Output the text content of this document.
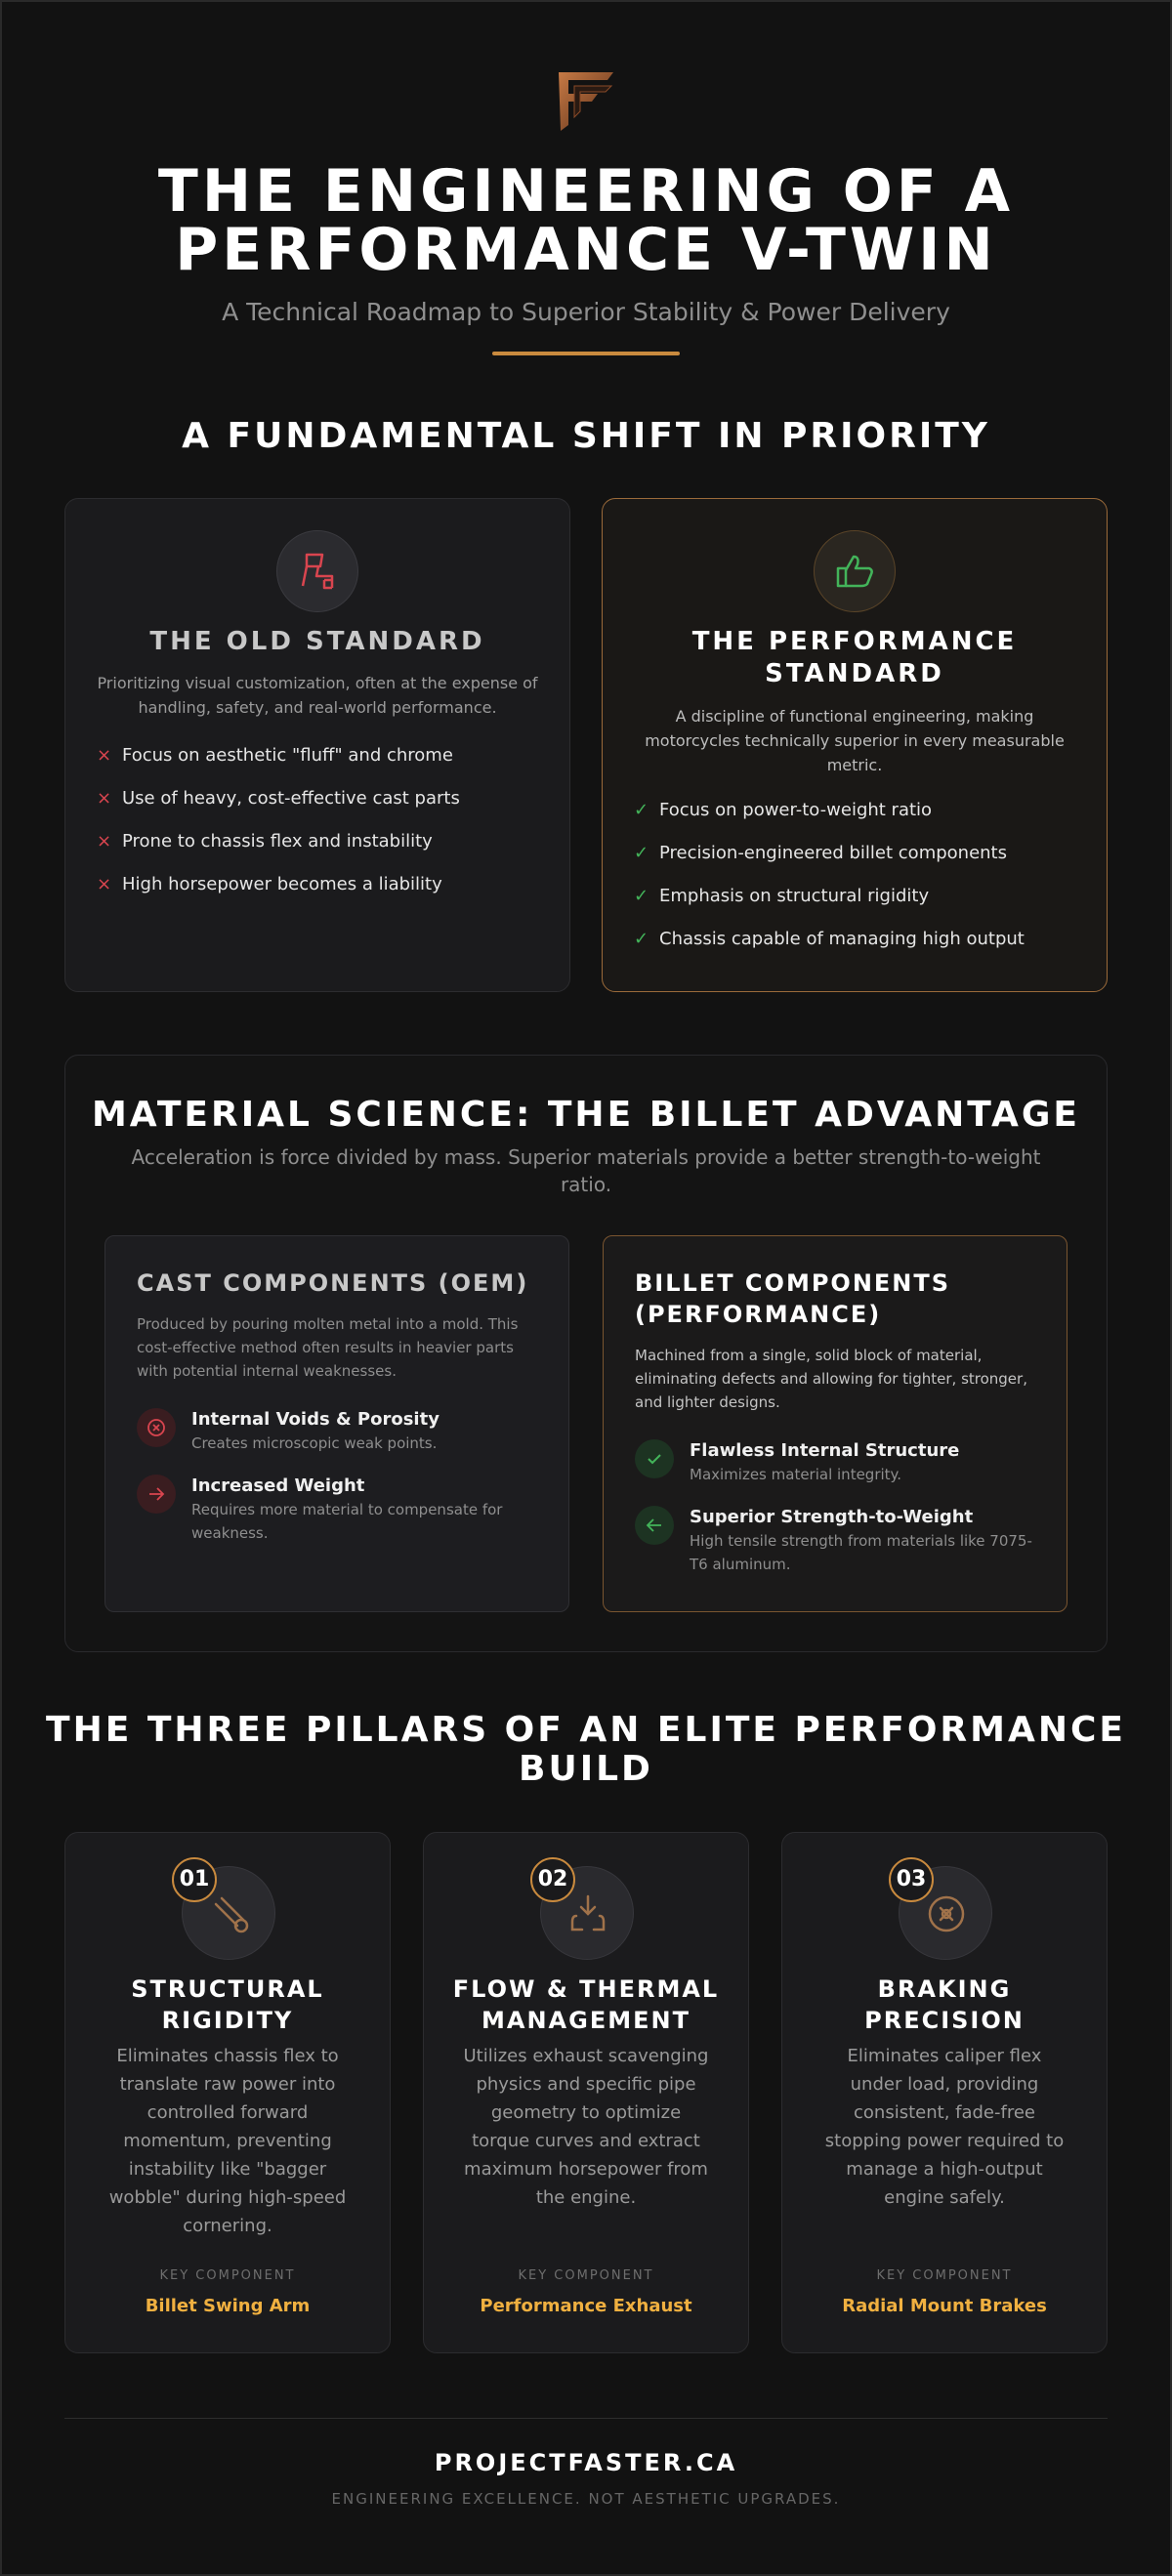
THE ENGINEERING OF A
PERFORMANCE V-TWIN
A Technical Roadmap to Superior Stability & Power Delivery
A FUNDAMENTAL SHIFT IN PRIORITY
THE OLD STANDARD
Prioritizing visual customization, often at the expense of handling, safety, and real-world performance.
× Focus on aesthetic "fluff" and chrome
× Use of heavy, cost-effective cast parts
× Prone to chassis flex and instability
× High horsepower becomes a liability
THE PERFORMANCE
STANDARD
A discipline of functional engineering, making motorcycles technically superior in every measurable metric.
✓ Focus on power-to-weight ratio
✓ Precision-engineered billet components
✓ Emphasis on structural rigidity
✓ Chassis capable of managing high output
MATERIAL SCIENCE: THE BILLET ADVANTAGE
Acceleration is force divided by mass. Superior materials provide a better strength-to-weight ratio.
CAST COMPONENTS (OEM)
Produced by pouring molten metal into a mold. This cost-effective method often results in heavier parts with potential internal weaknesses.
Internal Voids & Porosity
Creates microscopic weak points.
Increased Weight
Requires more material to compensate for weakness.
BILLET COMPONENTS
(PERFORMANCE)
Machined from a single, solid block of material, eliminating defects and allowing for tighter, stronger, and lighter designs.
Flawless Internal Structure
Maximizes material integrity.
Superior Strength-to-Weight
High tensile strength from materials like 7075-T6 aluminum.
THE THREE PILLARS OF AN ELITE PERFORMANCE
BUILD
01
STRUCTURAL
RIGIDITY
Eliminates chassis flex to translate raw power into controlled forward momentum, preventing instability like "bagger wobble" during high-speed cornering.
KEY COMPONENT
Billet Swing Arm
02
FLOW & THERMAL
MANAGEMENT
Utilizes exhaust scavenging physics and specific pipe geometry to optimize torque curves and extract maximum horsepower from the engine.
KEY COMPONENT
Performance Exhaust
03
BRAKING
PRECISION
Eliminates caliper flex under load, providing consistent, fade-free stopping power required to manage a high-output engine safely.
KEY COMPONENT
Radial Mount Brakes
PROJECTFASTER.CA
ENGINEERING EXCELLENCE. NOT AESTHETIC UPGRADES.
